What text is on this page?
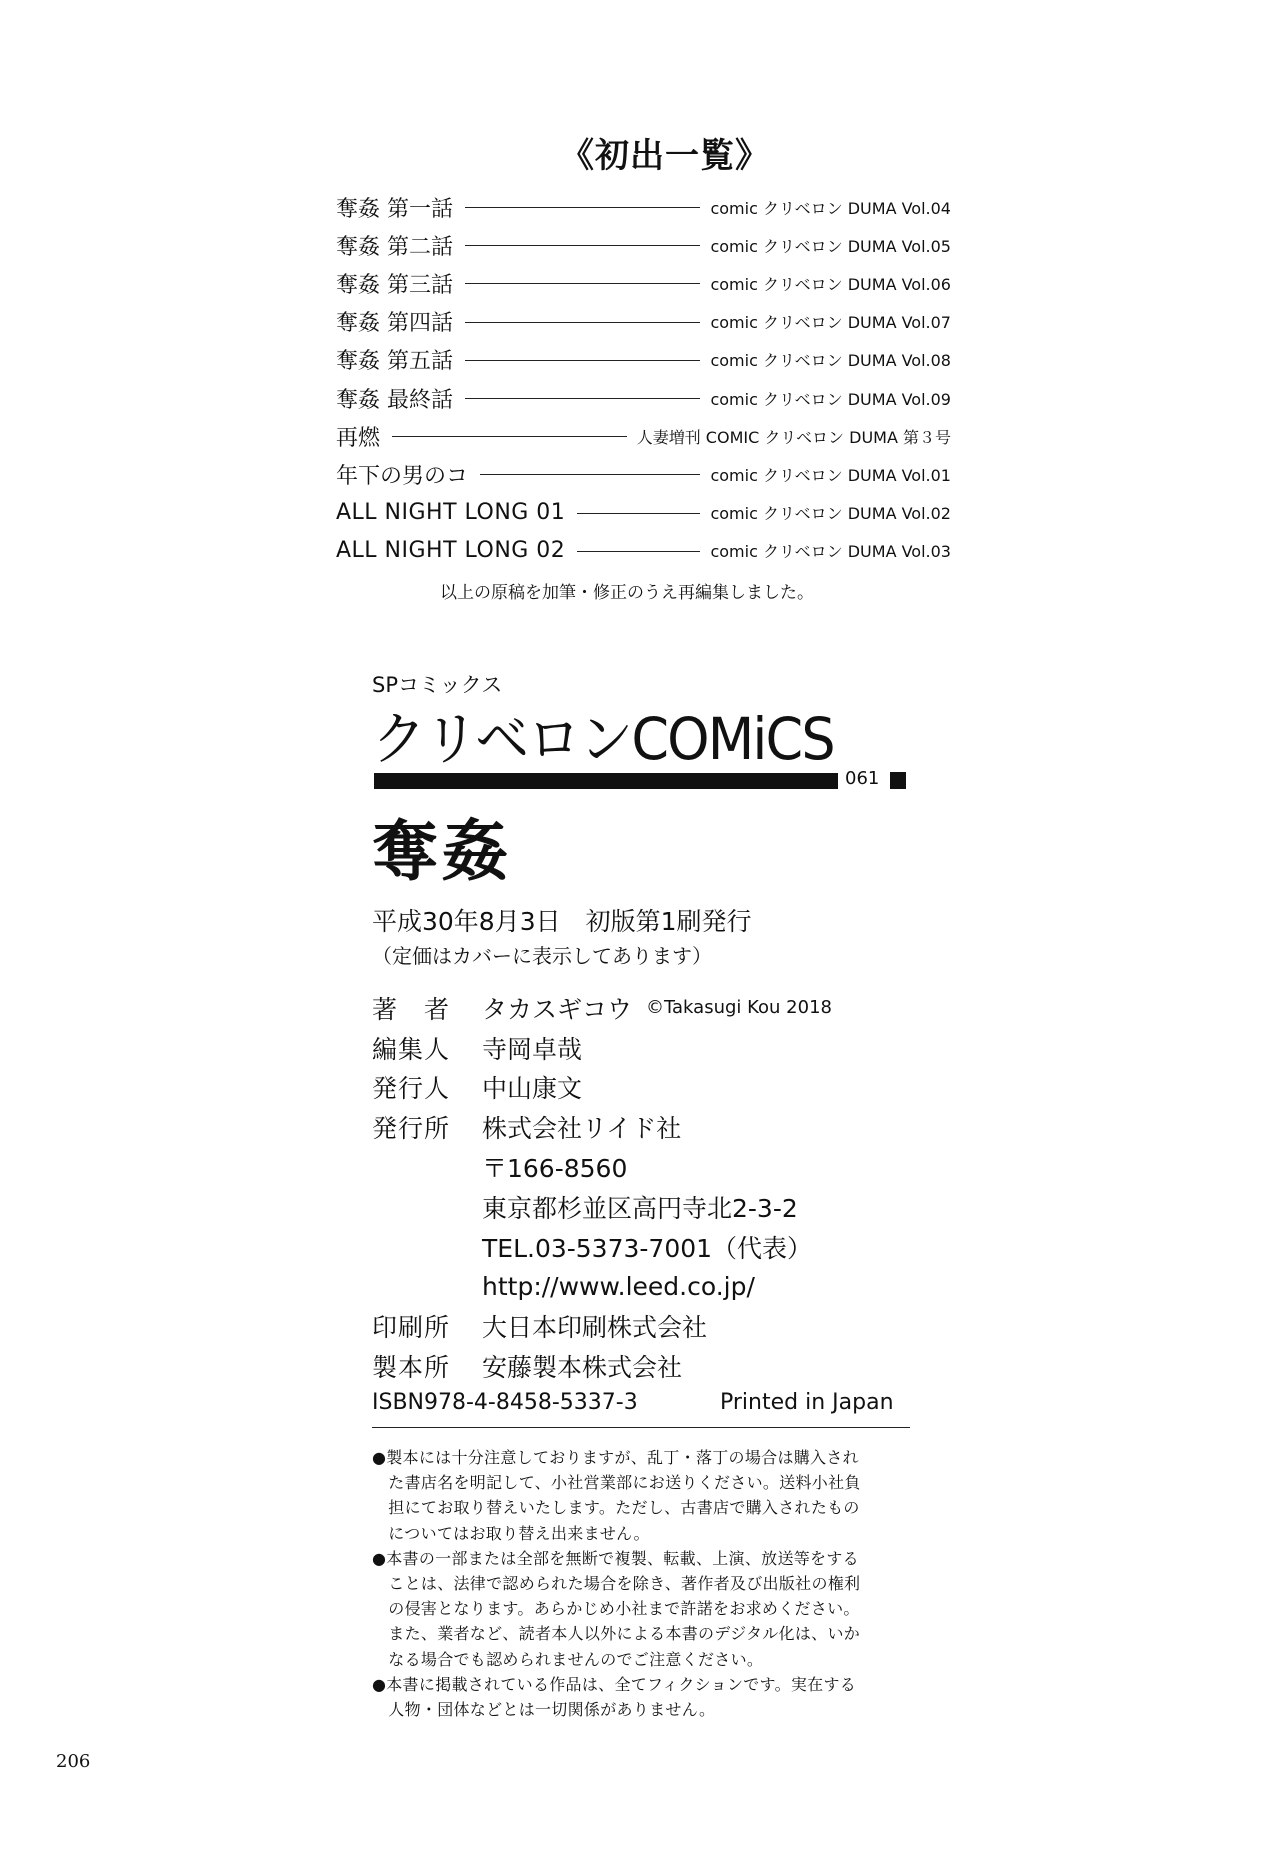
《初出一覧》
奪姦 第一話	comic クリベロン DUMA Vol.04
奪姦 第二話	comic クリベロン DUMA Vol.05
奪姦 第三話	comic クリベロン DUMA Vol.06
奪姦 第四話	comic クリベロン DUMA Vol.07
奪姦 第五話	comic クリベロン DUMA Vol.08
奪姦 最終話	comic クリベロン DUMA Vol.09
再燃	人妻増刊 COMIC クリベロン DUMA 第３号
年下の男のコ	comic クリベロン DUMA Vol.01
ALL NIGHT LONG 01	comic クリベロン DUMA Vol.02
ALL NIGHT LONG 02	comic クリベロン DUMA Vol.03
以上の原稿を加筆・修正のうえ再編集しました。
SPコミックス
クリベロンCOMiCS
061
奪姦
平成30年8月3日　初版第1刷発行
（定価はカバーに表示してあります）
著　者	タカスギコウ ©Takasugi Kou 2018
編集人	寺岡卓哉
発行人	中山康文
発行所	株式会社リイド社
〒166-8560
東京都杉並区高円寺北2-3-2
TEL.03-5373-7001（代表）
http://www.leed.co.jp/
印刷所	大日本印刷株式会社
製本所	安藤製本株式会社
ISBN978-4-8458-5337-3	Printed in Japan
●製本には十分注意しておりますが、乱丁・落丁の場合は購入され
　た書店名を明記して、小社営業部にお送りください。送料小社負
　担にてお取り替えいたします。ただし、古書店で購入されたもの
　についてはお取り替え出来ません。
●本書の一部または全部を無断で複製、転載、上演、放送等をする
　ことは、法律で認められた場合を除き、著作者及び出版社の権利
　の侵害となります。あらかじめ小社まで許諾をお求めください。
　また、業者など、読者本人以外による本書のデジタル化は、いか
　なる場合でも認められませんのでご注意ください。
●本書に掲載されている作品は、全てフィクションです。実在する
　人物・団体などとは一切関係がありません。
206
